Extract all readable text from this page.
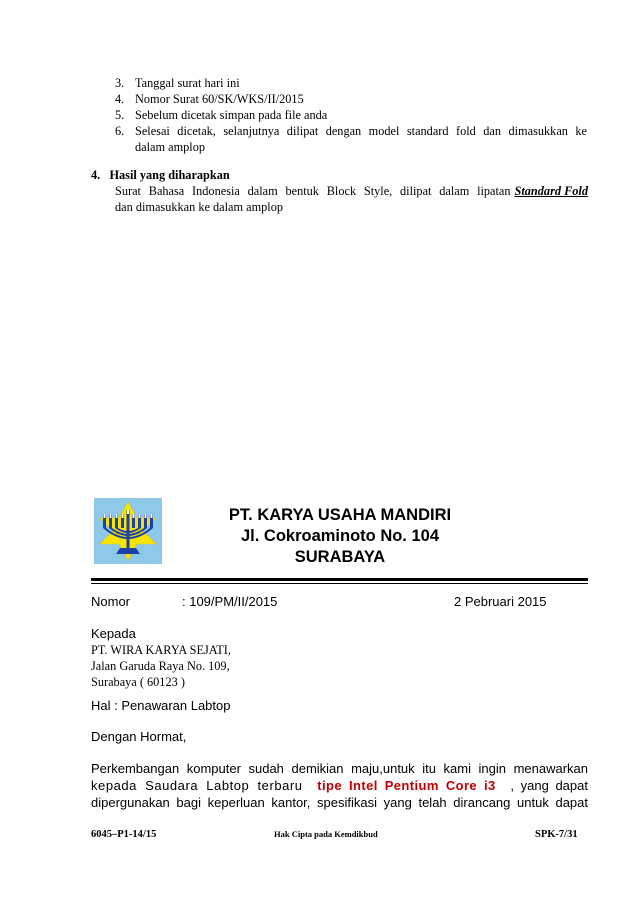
3. Tanggal surat hari ini
4. Nomor Surat 60/SK/WKS/II/2015
5. Sebelum dicetak simpan pada file anda
6. Selesai dicetak, selanjutnya dilipat dengan model standard fold dan dimasukkan ke
dalam amplop
4.   Hasil yang diharapkan
Surat Bahasa Indonesia dalam bentuk Block Style, dilipat dalam lipatan Standard Fold
dan dimasukkan ke dalam amplop
PT. KARYA USAHA MANDIRI
Jl. Cokroaminoto No. 104
SURABAYA
Nomor	: 109/PM/II/2015	2 Pebruari 2015
Kepada
PT. WIRA KARYA SEJATI,
Jalan Garuda Raya No. 109,
Surabaya ( 60123 )
Hal : Penawaran Labtop
Dengan Hormat,
Perkembangan komputer sudah demikian maju,untuk itu kami ingin menawarkan
kepada Saudara Labtop terbaru tipe Intel Pentium Core i3 , yang dapat
dipergunakan bagi keperluan kantor, spesifikasi yang telah dirancang untuk dapat
6045–P1-14/15	Hak Cipta pada Kemdikbud	SPK-7/31
